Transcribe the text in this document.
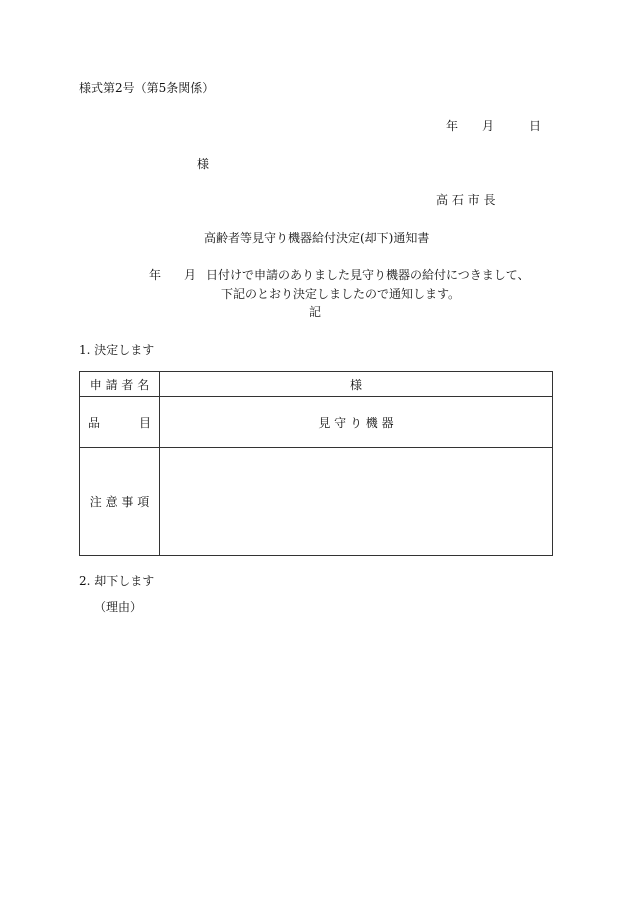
様式第2号（第5条関係）
年 月	日
様
高 石 市 長
高齢者等見守り機器給付決定(却下)通知書
年 月 日付けで申請のありました見守り機器の給付につきまして、
下記のとおり決定しましたので通知します。
記
1. 決定します
申 請 者 名	様

品 目	見 守 り 機 器
注 意 事 項	
2. 却下します
（理由）
